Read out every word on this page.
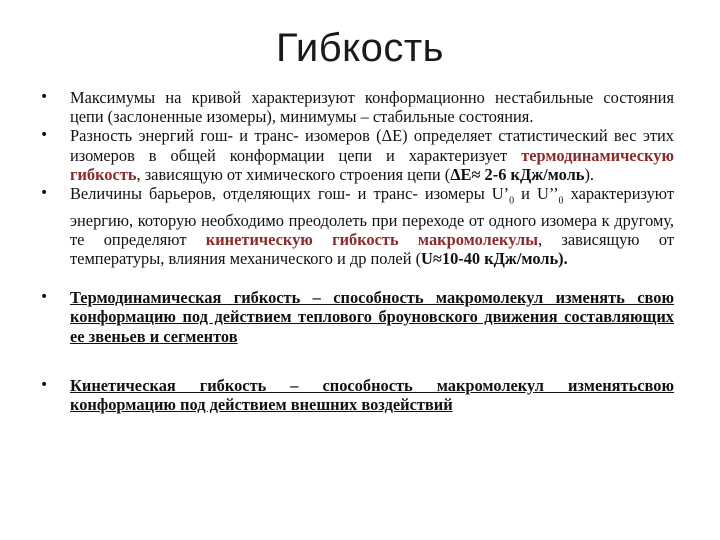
Гибкость
• Максимумы на кривой характеризуют конформационно нестабильные состояния цепи (заслоненные изомеры), минимумы – стабильные состояния.
• Разность энергий гош- и транс- изомеров (ΔЕ) определяет статистический вес этих изомеров в общей конформации цепи и характеризует термодинамическую гибкость, зависящую от химического строения цепи (ΔЕ≈ 2-6 кДж/моль).
• Величины барьеров, отделяющих гош- и транс- изомеры $U’_0$ и $U’’_0$ характеризуют энергию, которую необходимо преодолеть при переходе от одного изомера к другому, те определяют кинетическую гибкость макромолекулы, зависящую от температуры, влияния механического и др полей (U≈10-40 кДж/моль).
• Термодинамическая гибкость – способность макромолекул изменять свою конформацию под действием теплового броуновского движения составляющих ее звеньев и сегментов
• Кинетическая гибкость – способность макромолекул изменятьсвою конформацию под действием внешних воздействий
